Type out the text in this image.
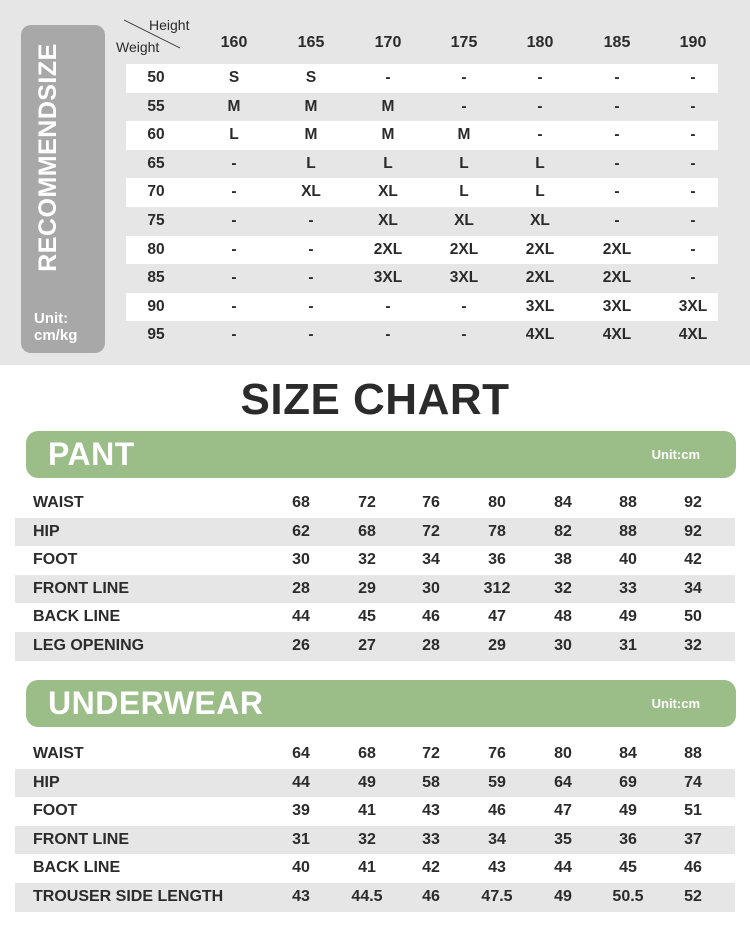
SIZE
RECOMMEND
Unit:
cm/kg
Height
Weight	160	165	170	175	180	185	190
50	S	S	-	-	-	-	-
55	M	M	M	-	-	-	-
60	L	M	M	M	-	-	-
65	-	L	L	L	L	-	-
70	-	XL	XL	L	L	-	-
75	-	-	XL	XL	XL	-	-
80	-	-	2XL	2XL	2XL	2XL	-
85	-	-	3XL	3XL	2XL	2XL	-
90	-	-	-	-	3XL	3XL	3XL
95	-	-	-	-	4XL	4XL	4XL
SIZE CHART
PANT	Unit:cm
WAIST	68	72	76	80	84	88	92
HIP	62	68	72	78	82	88	92
FOOT	30	32	34	36	38	40	42
FRONT LINE	28	29	30	312	32	33	34
BACK LINE	44	45	46	47	48	49	50
LEG OPENING	26	27	28	29	30	31	32
UNDERWEAR	Unit:cm
WAIST	64	68	72	76	80	84	88
HIP	44	49	58	59	64	69	74
FOOT	39	41	43	46	47	49	51
FRONT LINE	31	32	33	34	35	36	37
BACK LINE	40	41	42	43	44	45	46
TROUSER SIDE LENGTH	43	44.5	46	47.5	49	50.5	52
